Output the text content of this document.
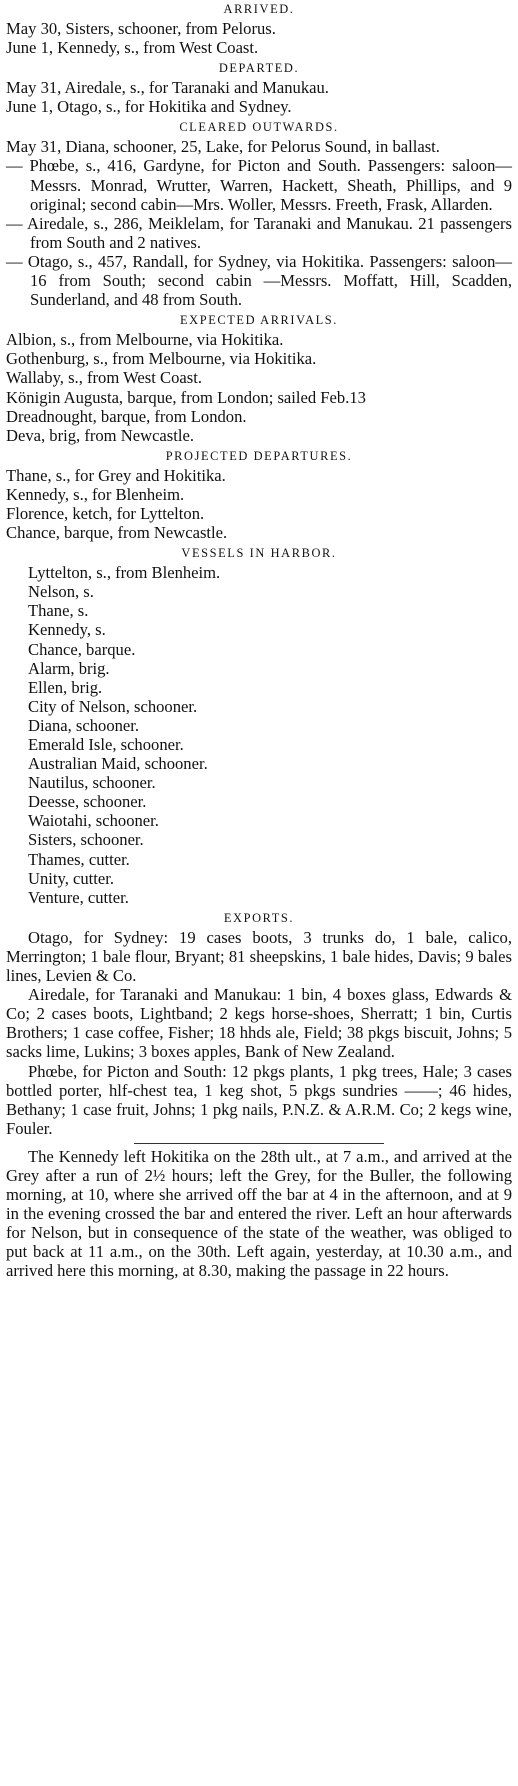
ARRIVED.

May 30, Sisters, schooner, from Pelorus.

June 1, Kennedy, s., from West Coast.

DEPARTED.

May 31, Airedale, s., for Taranaki and Manukau.

June 1, Otago, s., for Hokitika and Sydney.

CLEARED OUTWARDS.

May 31, Diana, schooner, 25, Lake, for Pelorus Sound, in ballast.

— Phœbe, s., 416, Gardyne, for Picton and South. Passengers: saloon—Messrs. Monrad, Wrutter, Warren, Hackett, Sheath, Phillips, and 9 original; second cabin—Mrs. Woller, Messrs. Freeth, Frask, Allarden.

— Airedale, s., 286, Meiklelam, for Taranaki and Manukau. 21 passengers from South and 2 natives.

— Otago, s., 457, Randall, for Sydney, via Hokitika. Passengers: saloon—16 from South; second cabin —Messrs. Moffatt, Hill, Scadden, Sunderland, and 48 from South.

EXPECTED ARRIVALS.

Albion, s., from Melbourne, via Hokitika.

Gothenburg, s., from Melbourne, via Hokitika.

Wallaby, s., from West Coast.

Königin Augusta, barque, from London; sailed Feb.13

Dreadnought, barque, from London.

Deva, brig, from Newcastle.

PROJECTED DEPARTURES.

Thane, s., for Grey and Hokitika.

Kennedy, s., for Blenheim.

Florence, ketch, for Lyttelton.

Chance, barque, from Newcastle.

VESSELS IN HARBOR.

Lyttelton, s., from Blenheim.

Nelson, s.

Thane, s.

Kennedy, s.

Chance, barque.

Alarm, brig.

Ellen, brig.

City of Nelson, schooner.

Diana, schooner.

Emerald Isle, schooner.

Australian Maid, schooner.

Nautilus, schooner.

Deesse, schooner.

Waiotahi, schooner.

Sisters, schooner.

Thames, cutter.

Unity, cutter.

Venture, cutter.

EXPORTS.

Otago, for Sydney: 19 cases boots, 3 trunks do, 1 bale, calico, Merrington; 1 bale flour, Bryant; 81 sheepskins, 1 bale hides, Davis; 9 bales lines, Levien & Co.

Airedale, for Taranaki and Manukau: 1 bin, 4 boxes glass, Edwards & Co; 2 cases boots, Lightband; 2 kegs horse-shoes, Sherratt; 1 bin, Curtis Brothers; 1 case coffee, Fisher; 18 hhds ale, Field; 38 pkgs biscuit, Johns; 5 sacks lime, Lukins; 3 boxes apples, Bank of New Zealand.

Phœbe, for Picton and South: 12 pkgs plants, 1 pkg trees, Hale; 3 cases bottled porter, hlf-chest tea, 1 keg shot, 5 pkgs sundries ——; 46 hides, Bethany; 1 case fruit, Johns; 1 pkg nails, P.N.Z. & A.R.M. Co; 2 kegs wine, Fouler.

The Kennedy left Hokitika on the 28th ult., at 7 a.m., and arrived at the Grey after a run of 2½ hours; left the Grey, for the Buller, the following morning, at 10, where she arrived off the bar at 4 in the afternoon, and at 9 in the evening crossed the bar and entered the river. Left an hour afterwards for Nelson, but in consequence of the state of the weather, was obliged to put back at 11 a.m., on the 30th. Left again, yesterday, at 10.30 a.m., and arrived here this morning, at 8.30, making the passage in 22 hours.
